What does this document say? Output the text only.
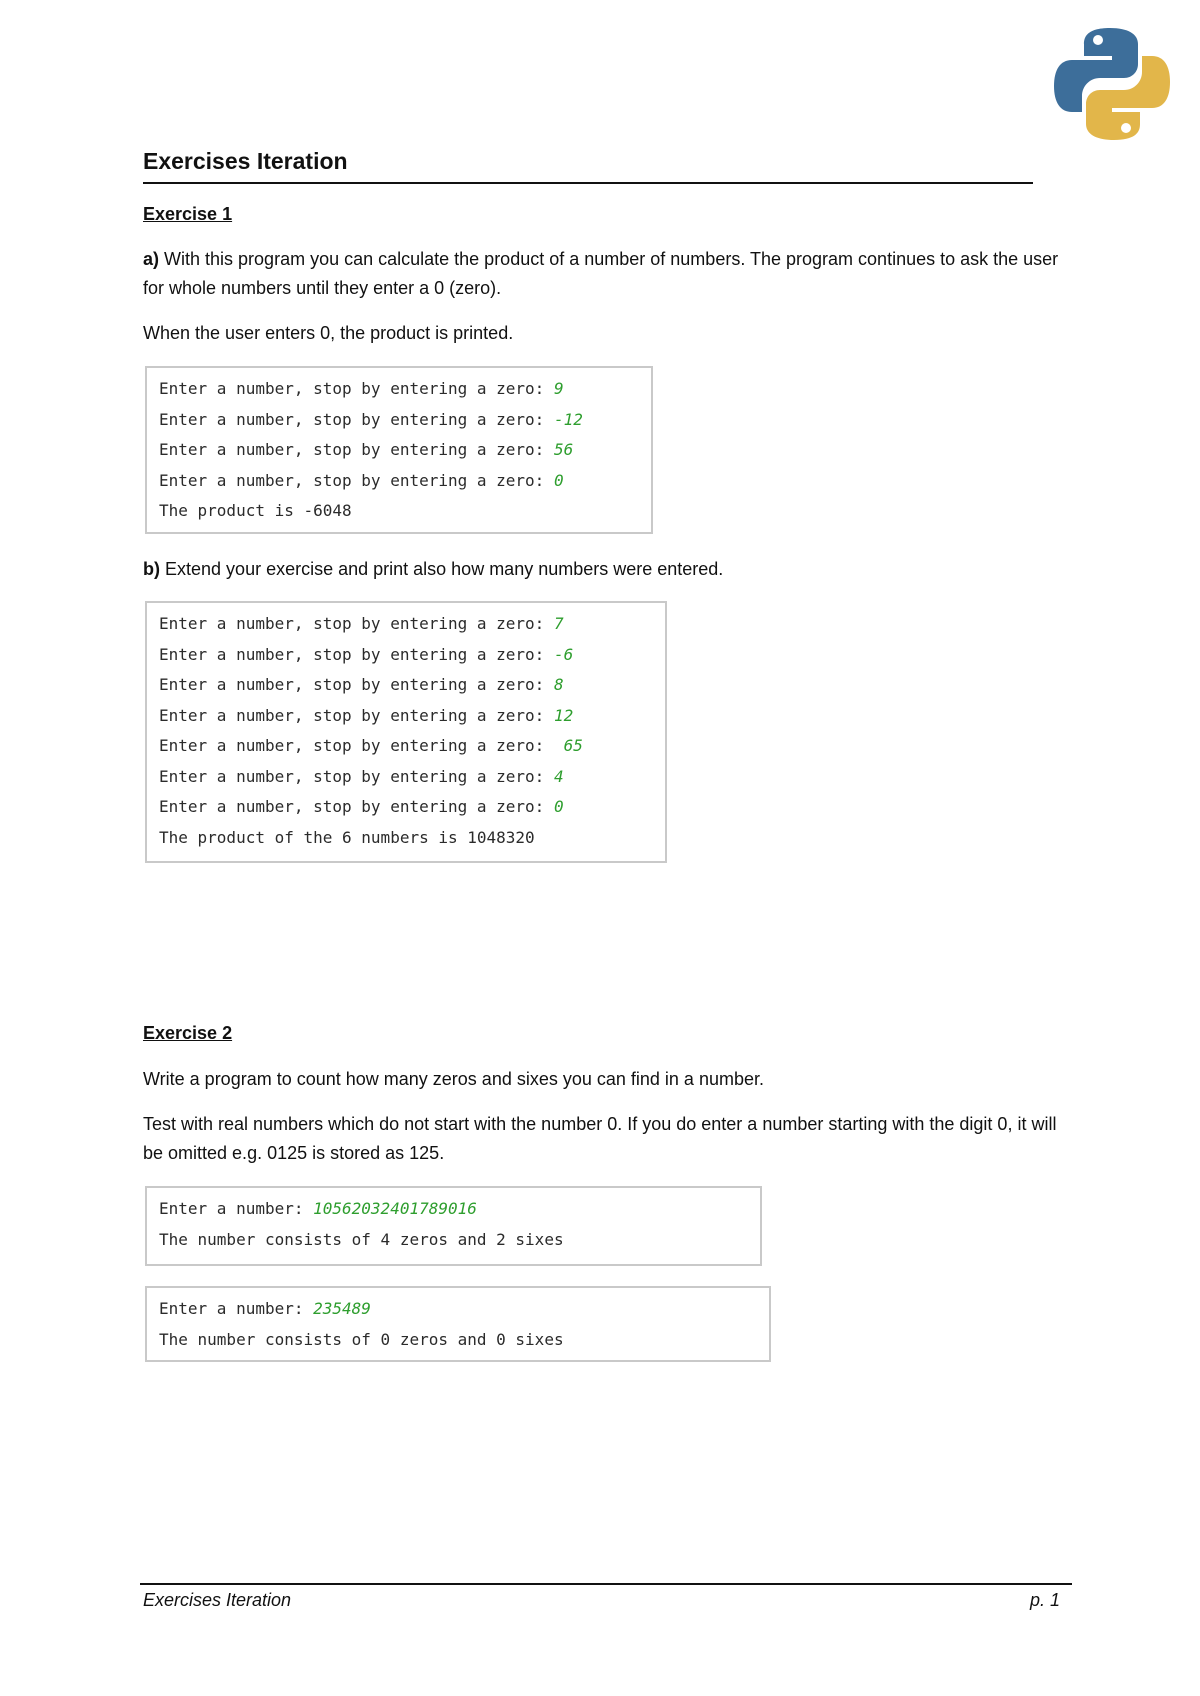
Exercises Iteration
Exercise 1
a) With this program you can calculate the product of a number of numbers. The program continues to ask the user for whole numbers until they enter a 0 (zero).
When the user enters 0, the product is printed.
Enter a number, stop by entering a zero: 9
Enter a number, stop by entering a zero: -12
Enter a number, stop by entering a zero: 56
Enter a number, stop by entering a zero: 0
The product is -6048
b) Extend your exercise and print also how many numbers were entered.
Enter a number, stop by entering a zero: 7
Enter a number, stop by entering a zero: -6
Enter a number, stop by entering a zero: 8
Enter a number, stop by entering a zero: 12
Enter a number, stop by entering a zero:  65
Enter a number, stop by entering a zero: 4
Enter a number, stop by entering a zero: 0
The product of the 6 numbers is 1048320
Exercise 2
Write a program to count how many zeros and sixes you can find in a number.
Test with real numbers which do not start with the number 0. If you do enter a number starting with the digit 0, it will be omitted e.g. 0125 is stored as 125.
Enter a number: 10562032401789016
The number consists of 4 zeros and 2 sixes
Enter a number: 235489
The number consists of 0 zeros and 0 sixes
Exercises Iteration	p. 1
